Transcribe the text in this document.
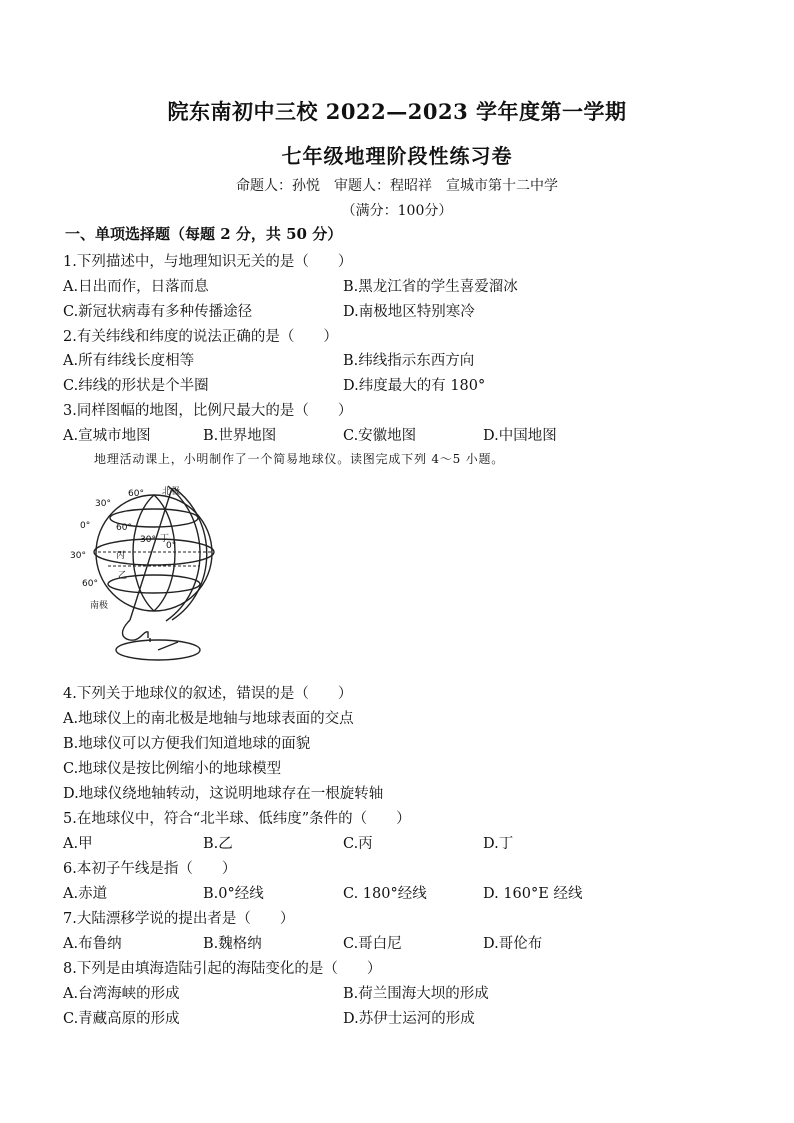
院东南初中三校 2022—2023 学年度第一学期
七年级地理阶段性练习卷
命题人：孙悦　审题人：程昭祥　宣城市第十二中学
（满分：100分）
一、单项选择题（每题 2 分，共 50 分）
1.下列描述中，与地理知识无关的是（　　）
A.日出而作，日落而息	B.黑龙江省的学生喜爱溜冰
C.新冠状病毒有多种传播途径	D.南极地区特别寒冷
2.有关纬线和纬度的说法正确的是（　　）
A.所有纬线长度相等	B.纬线指示东西方向
C.纬线的形状是个半圈	D.纬度最大的有 180°
3.同样图幅的地图，比例尺最大的是（　　）
A.宣城市地图	B.世界地图	C.安徽地图	D.中国地图
地理活动课上，小明制作了一个简易地球仪。读图完成下列 4～5 小题。
北极
60°
30°
0°
30°
60°
60°
30°
0°
丁
丙
乙
南极
4.下列关于地球仪的叙述，错误的是（　　）
A.地球仪上的南北极是地轴与地球表面的交点
B.地球仪可以方便我们知道地球的面貌
C.地球仪是按比例缩小的地球模型
D.地球仪绕地轴转动，这说明地球存在一根旋转轴
5.在地球仪中，符合“北半球、低纬度”条件的（　　）
A.甲	B.乙	C.丙	D.丁
6.本初子午线是指（　　）
A.赤道	B.0°经线	C. 180°经线	D. 160°E 经线
7.大陆漂移学说的提出者是（　　）
A.布鲁纳	B.魏格纳	C.哥白尼	D.哥伦布
8.下列是由填海造陆引起的海陆变化的是（　　）
A.台湾海峡的形成	B.荷兰围海大坝的形成
C.青藏高原的形成	D.苏伊士运河的形成
